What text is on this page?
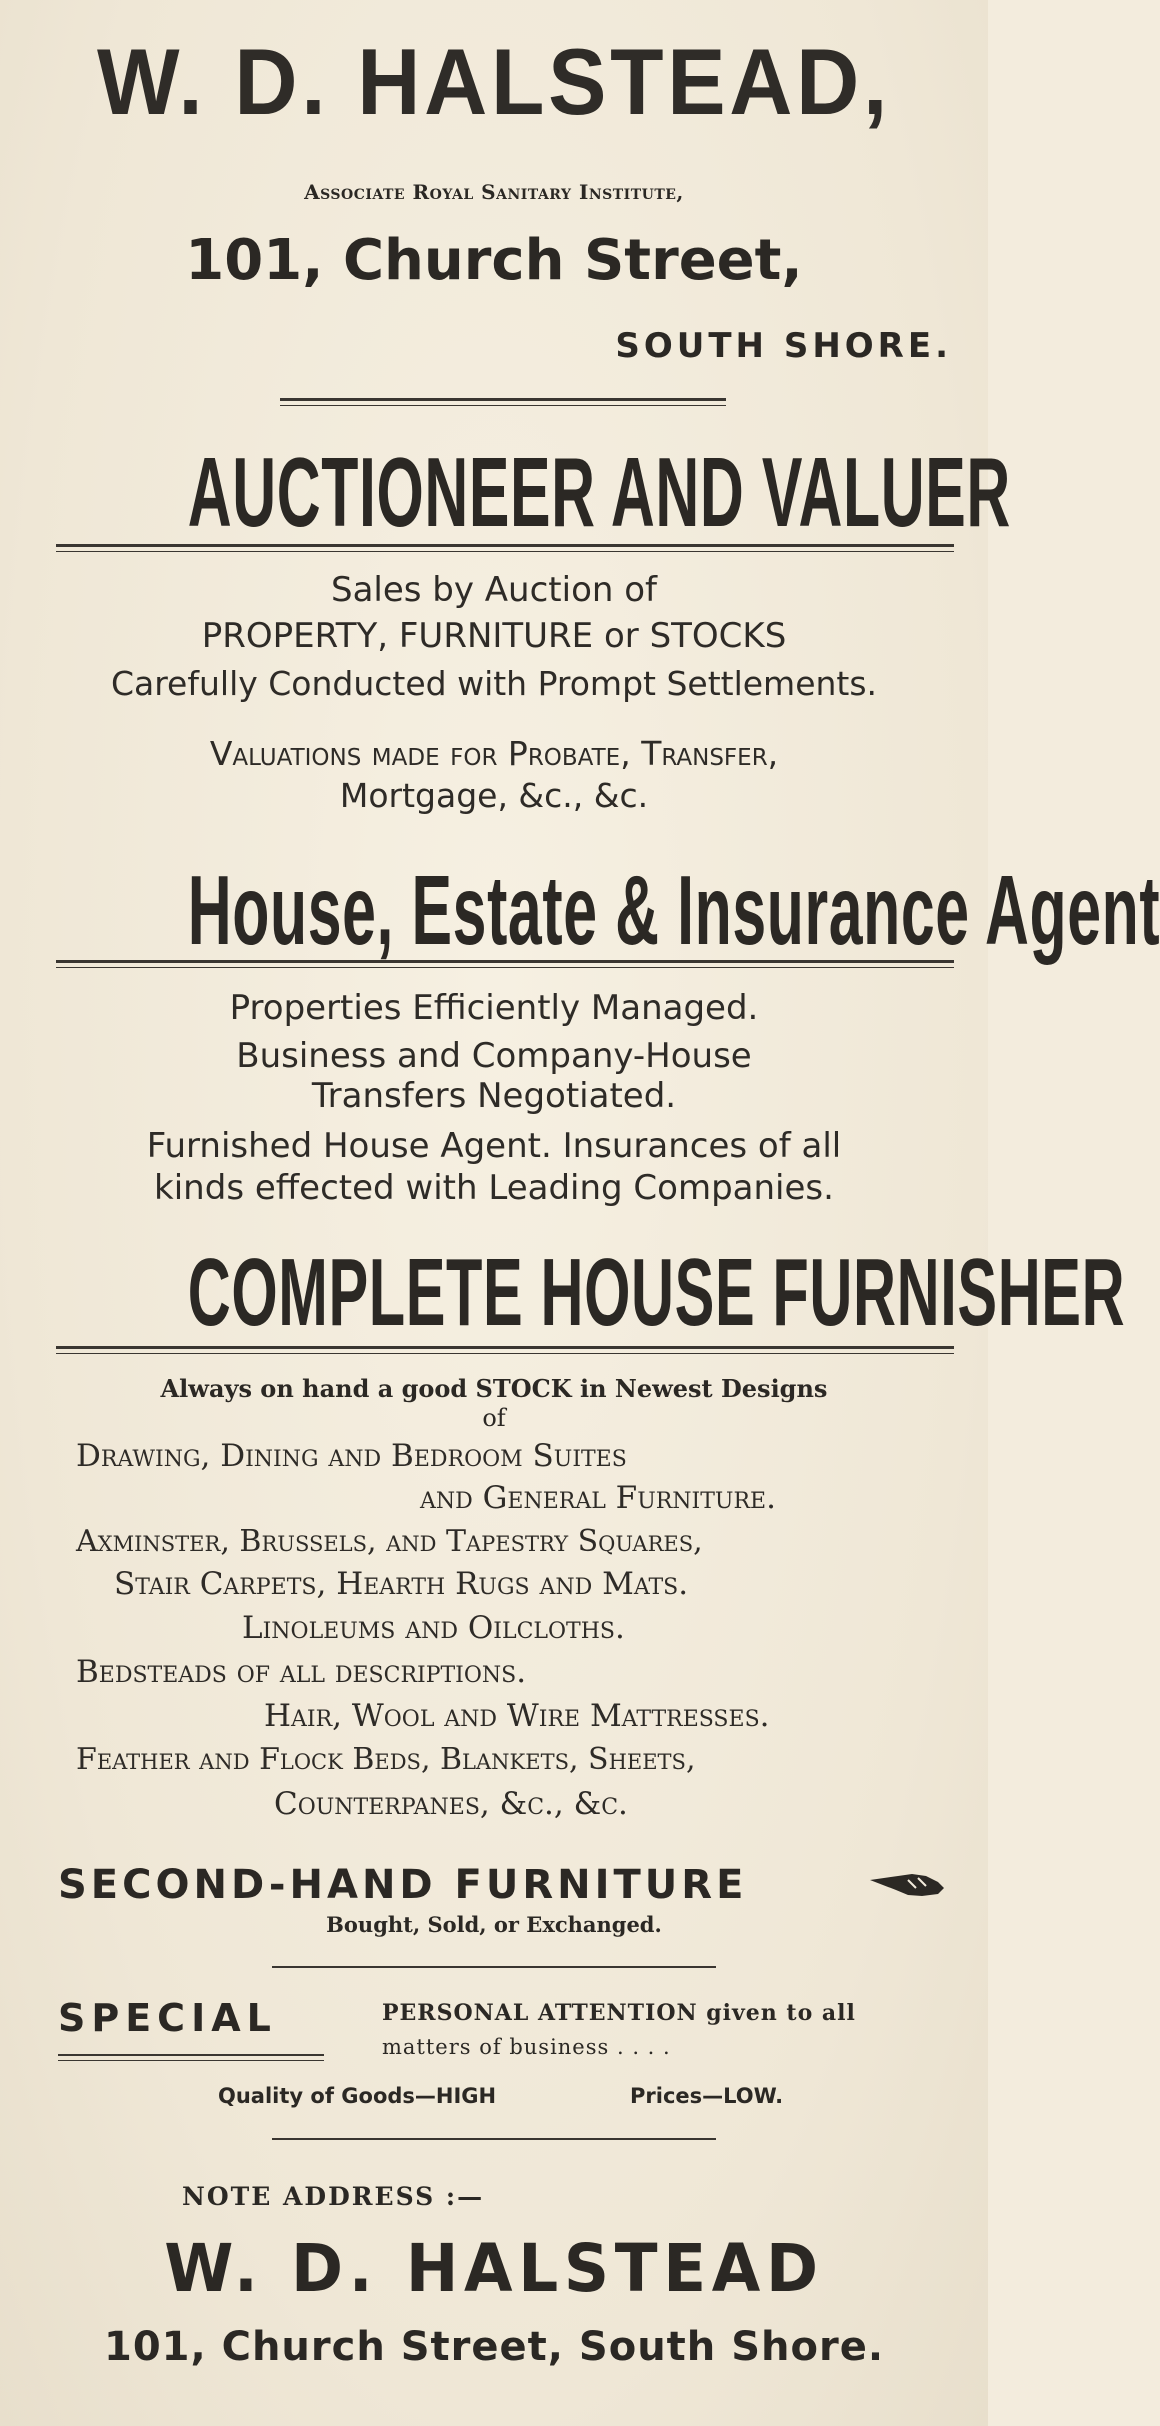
W. D. HALSTEAD,
Associate Royal Sanitary Institute,
101, Church Street,
SOUTH SHORE.
AUCTIONEER AND VALUER
Sales by Auction of
PROPERTY, FURNITURE or STOCKS
Carefully Conducted with Prompt Settlements.
Valuations made for Probate, Transfer,
Mortgage, &c., &c.
House, Estate & Insurance Agent
Properties Efficiently Managed.
Business and Company-House
Transfers Negotiated.
Furnished House Agent. Insurances of all
kinds effected with Leading Companies.
COMPLETE HOUSE FURNISHER
Always on hand a good STOCK in Newest Designs
of
Drawing, Dining and Bedroom Suites
and General Furniture.
Axminster, Brussels, and Tapestry Squares,
Stair Carpets, Hearth Rugs and Mats.
Linoleums and Oilcloths.
Bedsteads of all descriptions.
Hair, Wool and Wire Mattresses.
Feather and Flock Beds, Blankets, Sheets,
Counterpanes, &c., &c.
SECOND-HAND FURNITURE
Bought, Sold, or Exchanged.
SPECIAL	PERSONAL ATTENTION given to all
matters of business . . . .
Quality of Goods—HIGH	Prices—LOW.
NOTE ADDRESS :—
W. D. HALSTEAD
101, Church Street, South Shore.
